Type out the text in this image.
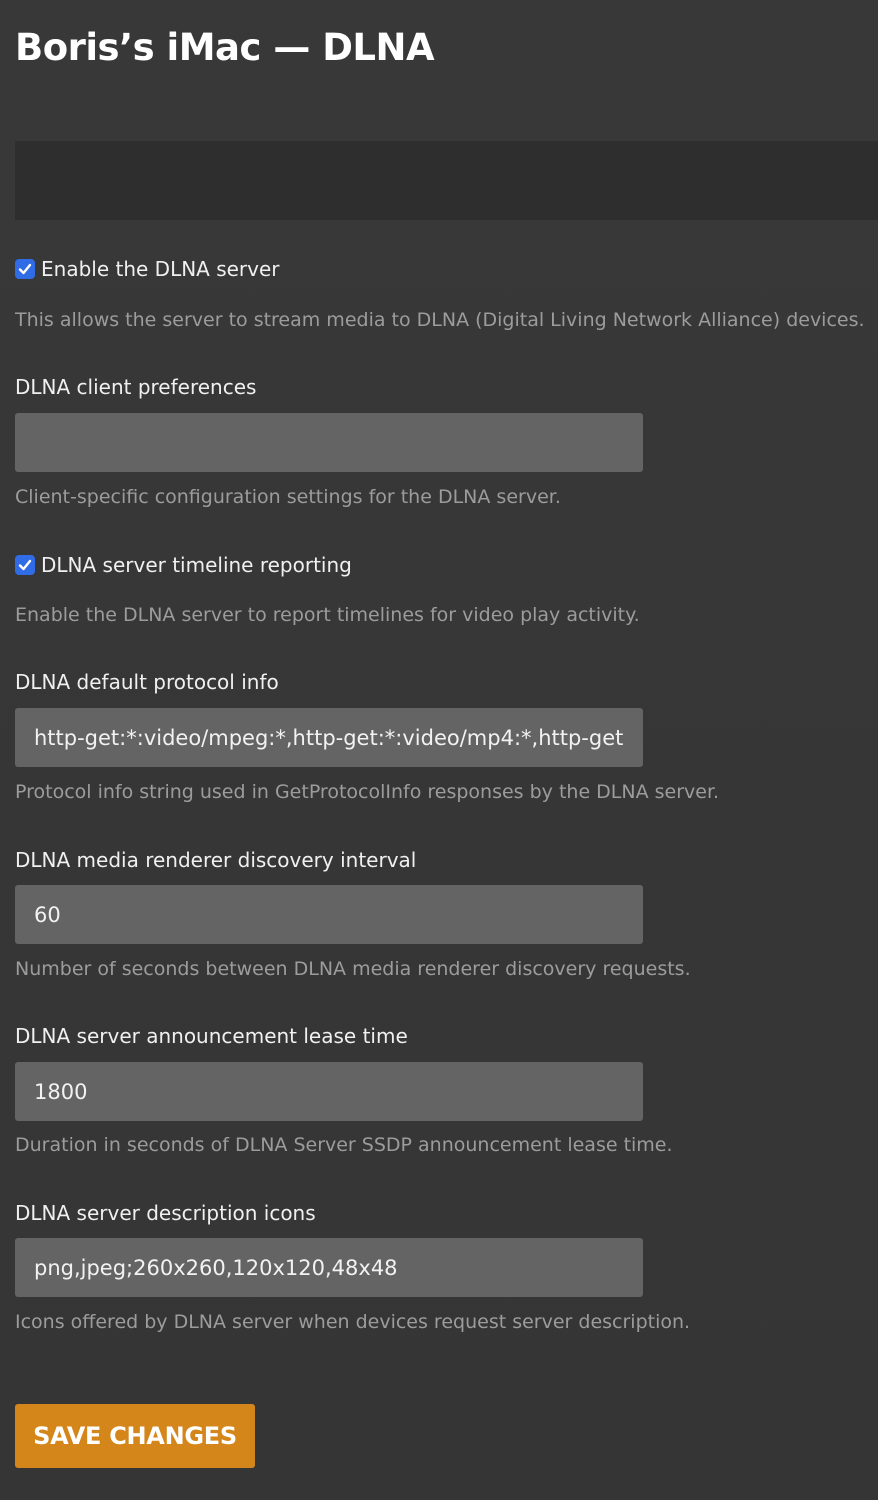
Boris’s iMac — DLNA
Enable the DLNA server
This allows the server to stream media to DLNA (Digital Living Network Alliance) devices.
DLNA client preferences
Client-specific configuration settings for the DLNA server.
DLNA server timeline reporting
Enable the DLNA server to report timelines for video play activity.
DLNA default protocol info
http-get:*:video/mpeg:*,http-get:*:video/mp4:*,http-get:*
Protocol info string used in GetProtocolInfo responses by the DLNA server.
DLNA media renderer discovery interval
60
Number of seconds between DLNA media renderer discovery requests.
DLNA server announcement lease time
1800
Duration in seconds of DLNA Server SSDP announcement lease time.
DLNA server description icons
png,jpeg;260x260,120x120,48x48
Icons offered by DLNA server when devices request server description.
SAVE CHANGES
